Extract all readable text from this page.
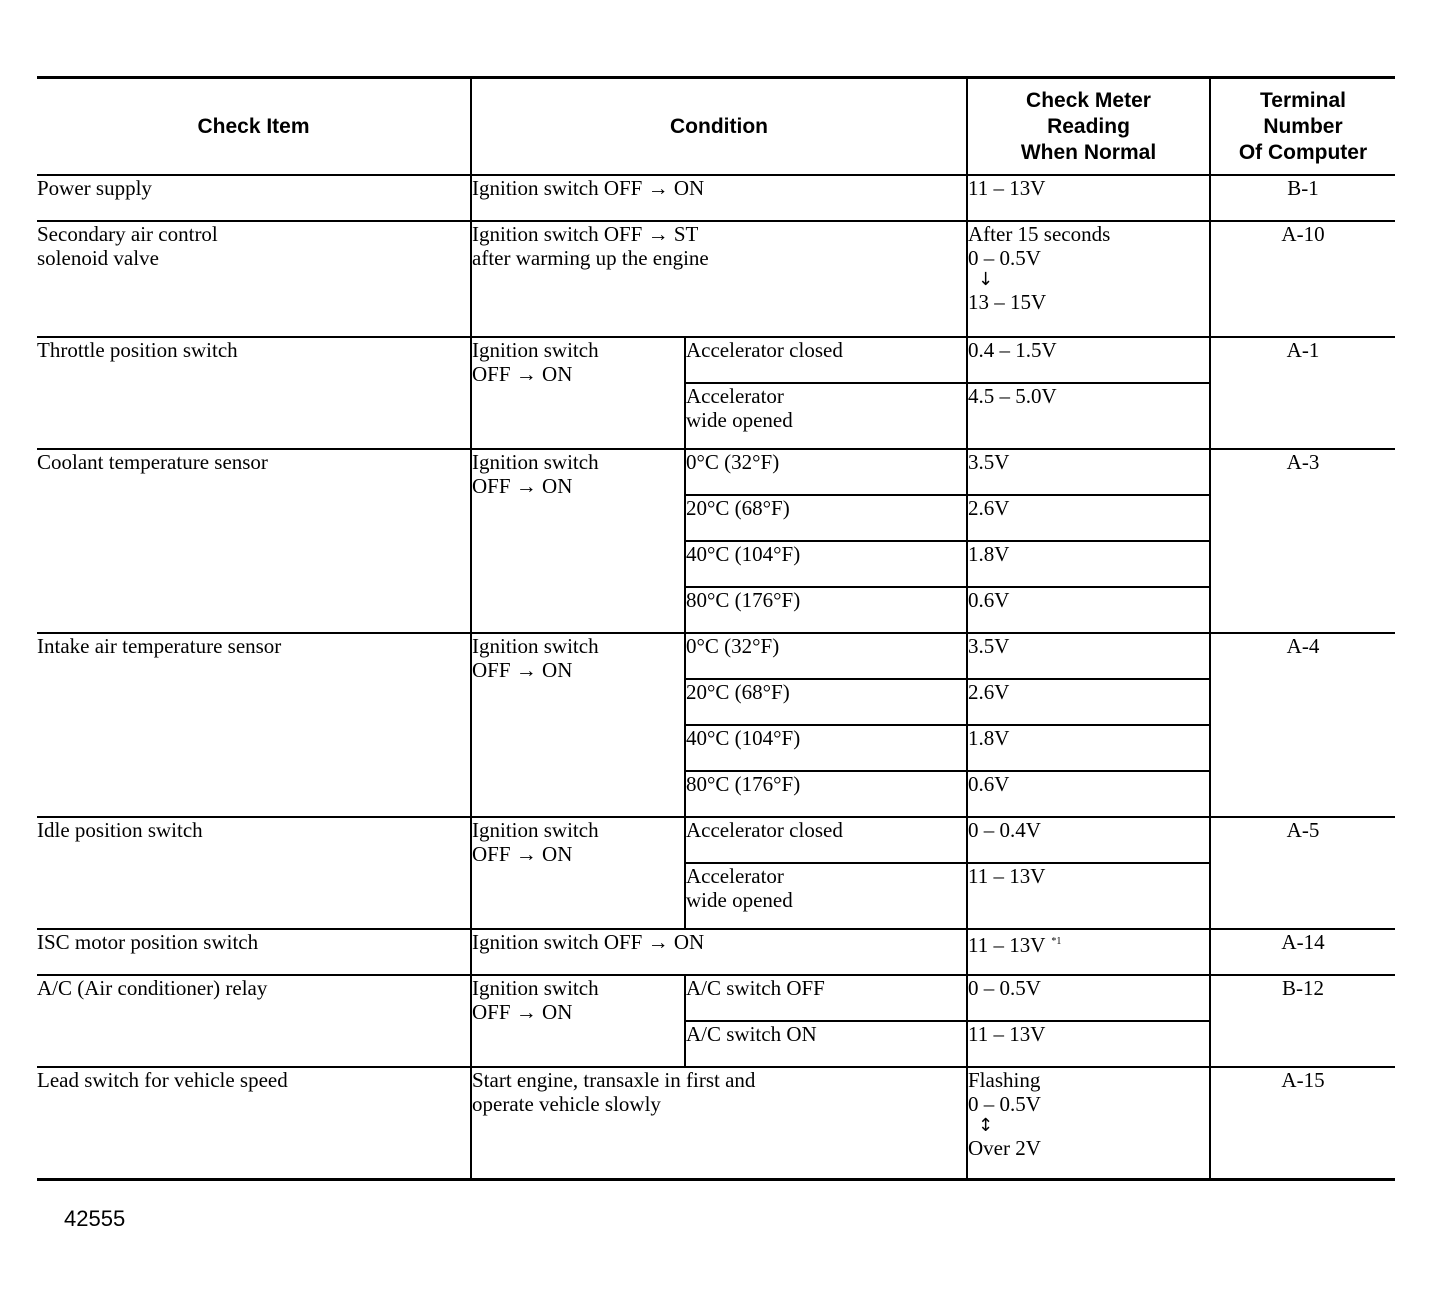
Check Item	Condition		Check Meter
Reading
When Normal	Terminal
Number
Of Computer
Power supply	Ignition switch OFF → ON		11 – 13V	B-1
Secondary air control
solenoid valve	Ignition switch OFF → ST
after warming up the engine		After 15 seconds
0 – 0.5V
↓
13 – 15V	A-10
Throttle position switch	Ignition switch
OFF → ON	Accelerator closed	0.4 – 1.5V	A-1
		Accelerator
wide opened	4.5 – 5.0V	
Coolant temperature sensor	Ignition switch
OFF → ON	0°C (32°F)	3.5V	A-3
		20°C (68°F)	2.6V	
		40°C (104°F)	1.8V	
		80°C (176°F)	0.6V	
Intake air temperature sensor	Ignition switch
OFF → ON	0°C (32°F)	3.5V	A-4
		20°C (68°F)	2.6V	
		40°C (104°F)	1.8V	
		80°C (176°F)	0.6V	
Idle position switch	Ignition switch
OFF → ON	Accelerator closed	0 – 0.4V	A-5
		Accelerator
wide opened	11 – 13V	
ISC motor position switch	Ignition switch OFF → ON		11 – 13V $^{*1}$	A-14
A/C (Air conditioner) relay	Ignition switch
OFF → ON	A/C switch OFF	0 – 0.5V	B-12
		A/C switch ON	11 – 13V	
Lead switch for vehicle speed	Start engine, transaxle in first and
operate vehicle slowly		Flashing
0 – 0.5V
↕
Over 2V	A-15
42555
